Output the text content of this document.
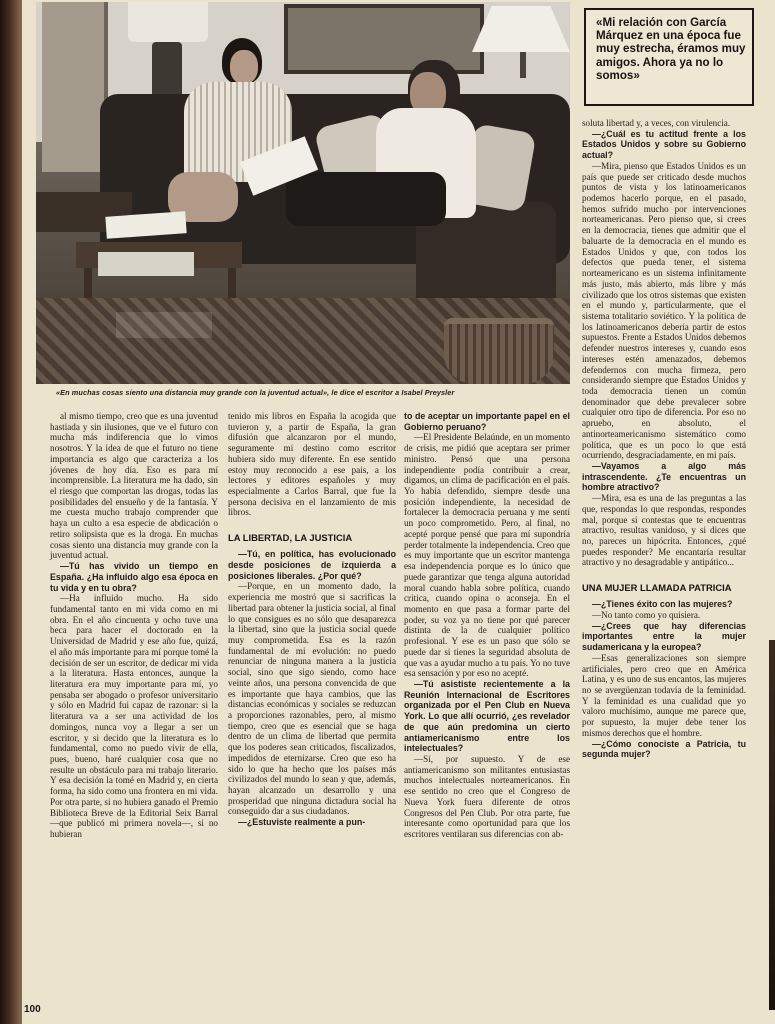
«En muchas cosas siento una distancia muy grande con la juventud actual», le dice el escritor a Isabel Preysler
«Mi relación con García Márquez en una época fue muy estrecha, éramos muy amigos. Ahora ya no lo somos»

al mismo tiempo, creo que es una juventud hastiada y sin ilusiones, que ve el futuro con mucha más indiferencia que lo vimos nosotros. Y la idea de que el futuro no tiene importancia es algo que caracteriza a los jóvenes de hoy día. Eso es para mí incomprensible. La literatura me ha dado, sin el riesgo que comportan las drogas, todas las posibilidades del ensueño y de la fantasía. Y me cuesta mucho trabajo comprender que haya un culto a esa especie de abdicación o retiro solipsista que es la droga. En muchas cosas siento una distancia muy grande con la juventud actual.

—Tú has vivido un tiempo en España. ¿Ha influido algo esa época en tu vida y en tu obra?

—Ha influido mucho. Ha sido fundamental tanto en mi vida como en mi obra. En el año cincuenta y ocho tuve una beca para hacer el doctorado en la Universidad de Madrid y ese año fue, quizá, el año más importante para mí porque tomé la decisión de ser un escritor, de dedicar mi vida a la literatura. Hasta entonces, aunque la literatura era muy importante para mí, yo pensaba ser abogado o profesor universitario y sólo en Madrid fui capaz de razonar: si la literatura va a ser una actividad de los domingos, nunca voy a llegar a ser un escritor, y si decido que la literatura es lo fundamental, como no puedo vivir de ella, pues, bueno, haré cualquier cosa que no resulte un obstáculo para mi trabajo literario. Y esa decisión la tomé en Madrid y, en cierta forma, ha sido como una frontera en mi vida. Por otra parte, si no hubiera ganado el Premio Biblioteca Breve de la Editorial Seix Barral —que publicó mi primera novela—, si no hubieran

tenido mis libros en España la acogida que tuvieron y, a partir de España, la gran difusión que alcanzaron por el mundo, seguramente mi destino como escritor hubiera sido muy diferente. En ese sentido estoy muy reconocido a ese país, a los lectores y editores españoles y muy especialmente a Carlos Barral, que fue la persona decisiva en el lanzamiento de mis libros.

LA LIBERTAD, LA JUSTICIA

—Tú, en política, has evolucionado desde posiciones de izquierda a posiciones liberales. ¿Por qué?

—Porque, en un momento dado, la experiencia me mostró que si sacrificas la libertad para obtener la justicia social, al final lo que consigues es no sólo que desaparezca la libertad, sino que la justicia social quede muy comprometida. Esa es la razón fundamental de mi evolución: no puedo renunciar de ninguna manera a la justicia social, sino que sigo siendo, como hace veinte años, una persona convencida de que es importante que haya cambios, que las distancias económicas y sociales se reduzcan a proporciones razonables, pero, al mismo tiempo, creo que es esencial que se haga dentro de un clima de libertad que permita que los poderes sean criticados, fiscalizados, impedidos de eternizarse. Creo que eso ha sido lo que ha hecho que los países más civilizados del mundo lo sean y que, además, hayan alcanzado un desarrollo y una prosperidad que ninguna dictadura social ha conseguido dar a sus ciudadanos.

—¿Estuviste realmente a pun-

to de aceptar un importante papel en el Gobierno peruano?

—El Presidente Belaúnde, en un momento de crisis, me pidió que aceptara ser primer ministro. Pensó que una persona independiente podía contribuir a crear, digamos, un clima de pacificación en el país. Yo había defendido, siempre desde una posición independiente, la necesidad de fortalecer la democracia peruana y me sentí un poco comprometido. Pero, al final, no acepté porque pensé que para mí supondría perder totalmente la independencia. Creo que es muy importante que un escritor mantenga esa independencia porque es lo único que puede garantizar que tenga alguna autoridad moral cuando habla sobre política, cuando critica, cuando opina o aconseja. En el momento en que pasa a formar parte del poder, su voz ya no tiene por qué parecer distinta de la de cualquier político profesional. Y ese es un paso que sólo se puede dar si tienes la seguridad absoluta de que vas a ayudar mucho a tu país. Yo no tuve esa sensación y por eso no acepté.

—Tú asististe recientemente a la Reunión Internacional de Escritores organizada por el Pen Club en Nueva York. Lo que allí ocurrió, ¿es revelador de que aún predomina un cierto antiamericanismo entre los intelectuales?

—Sí, por supuesto. Y de ese antiamericanismo son militantes entusiastas muchos intelectuales norteamericanos. En ese sentido no creo que el Congreso de Nueva York fuera diferente de otros Congresos del Pen Club. Por otra parte, fue interesante como oportunidad para que los escritores ventilaran sus diferencias con ab-

soluta libertad y, a veces, con virulencia.

—¿Cuál es tu actitud frente a los Estados Unidos y sobre su Gobierno actual?

—Mira, pienso que Estados Unidos es un país que puede ser criticado desde muchos puntos de vista y los latinoamericanos podemos hacerlo porque, en el pasado, hemos sufrido mucho por intervenciones norteamericanas. Pero pienso que, si crees en la democracia, tienes que admitir que el baluarte de la democracia en el mundo es Estados Unidos y que, con todos los defectos que pueda tener, el sistema norteamericano es un sistema infinitamente más justo, más abierto, más libre y más civilizado que los otros sistemas que existen en el mundo y, particularmente, que el sistema totalitario soviético. Y la política de los latinoamericanos debería partir de estos supuestos. Frente a Estados Unidos debemos defender nuestros intereses y, cuando esos intereses estén amenazados, debemos defendernos con mucha firmeza, pero considerando siempre que Estados Unidos y toda democracia tienen un común denominador que debe prevalecer sobre cualquier otro tipo de diferencia. Por eso no apruebo, en absoluto, el antinorteamericanismo sistemático como política, que es un poco lo que está ocurriendo, desgraciadamente, en mi país.

—Vayamos a algo más intrascendente. ¿Te encuentras un hombre atractivo?

—Mira, esa es una de las preguntas a las que, respondas lo que respondas, respondes mal, porque si contestas que te encuentras atractivo, resultas vanidoso, y si dices que no, pareces un hipócrita. Entonces, ¿qué puedes responder? Me encantaría resultar atractivo y no desagradable y antipático...

UNA MUJER LLAMADA PATRICIA

—¿Tienes éxito con las mujeres?

—No tanto como yo quisiera.

—¿Crees que hay diferencias importantes entre la mujer sudamericana y la europea?

—Esas generalizaciones son siempre artificiales, pero creo que en América Latina, y es uno de sus encantos, las mujeres no se avergüenzan todavía de la feminidad. Y la feminidad es una cualidad que yo valoro muchísimo, aunque me parece que, por supuesto, la mujer debe tener los mismos derechos que el hombre.

—¿Cómo conociste a Patricia, tu segunda mujer?

100
